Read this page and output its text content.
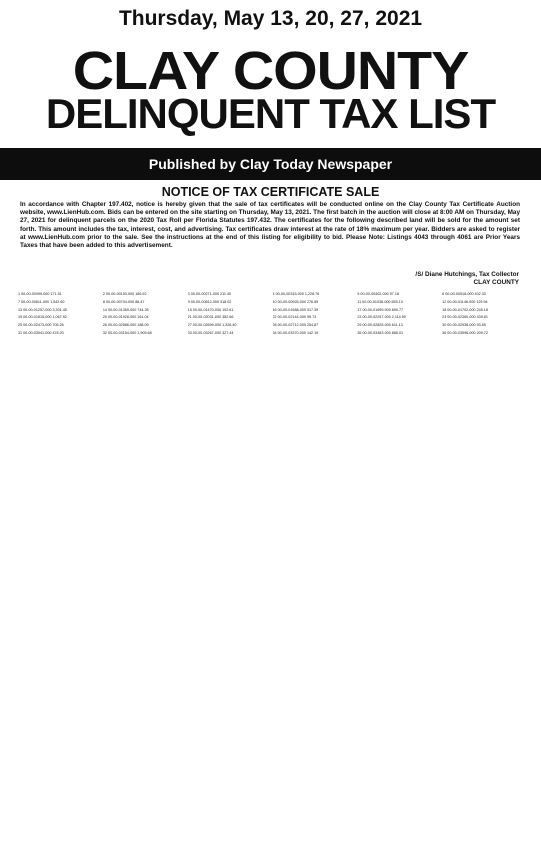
Thursday, May 13, 20, 27, 2021
CLAY COUNTY
DELINQUENT TAX LIST
Published by Clay Today Newspaper
NOTICE OF TAX CERTIFICATE SALE
In accordance with Chapter 197.402, notice is hereby given that the sale of tax certificates will be conducted online on the Clay County Tax Certificate Auction website, www.LienHub.com. Bids can be entered on the site starting on Thursday, May 13, 2021. The first batch in the auction will close at 8:00 AM on Thursday, May 27, 2021 for delinquent parcels on the 2020 Tax Roll per Florida Statutes 197.432. The certificates for the following described land will be sold for the amount set forth. This amount includes the tax, interest, cost, and advertising. Tax certificates draw interest at the rate of 18% maximum per year. Bidders are asked to register at www.LienHub.com prior to the sale. See the instructions at the end of this listing for eligibility to bid. Please Note: Listings 4043 through 4061 are Prior Years Taxes that have been added to this advertisement.
/S/ Diane Hutchings, Tax Collector
CLAY COUNTY
1 00-00-00099-000 171.51
7 00-00-00611-000 1,542.60
13 00-00-01257-000 3,301.45
19 00-00-01815-000 1,067.92
25 00-00-02473-000 705.26
31 00-00-03041-000 478.20
2 00-00-00153-000 186.92
8 00-00-00704-000 88.47
14 00-00-01369-000 744.28
20 00-00-01928-000 161.04
26 00-00-02586-000 188.09
32 00-00-03154-000 1,905.68
3 00-00-00271-000 211.40
9 00-00-00812-000 318.02
15 00-00-01470-000 102.61
21 00-00-02031-000 382.66
27 00-00-02699-000 1,326.40
33 00-00-03267-000 327.44
4 00-00-00315-000 1,228.76
10 00-00-00925-000 276.55
16 00-00-01588-000 517.39
22 00-00-02144-000 95.73
28 00-00-02712-000 254.87
34 00-00-03370-000 142.19
5 00-00-00402-000 97.18
11 00-00-01038-000 655.10
17 00-00-01699-000 890.77
23 00-00-02257-000 2,114.50
29 00-00-02825-000 611.13
35 00-00-03483-000 866.01
6 00-00-00518-000 402.33
12 00-00-01146-000 129.94
18 00-00-01702-000 245.18
24 00-00-02360-000 439.81
30 00-00-02938-000 93.55
36 00-00-03596-000 209.72
